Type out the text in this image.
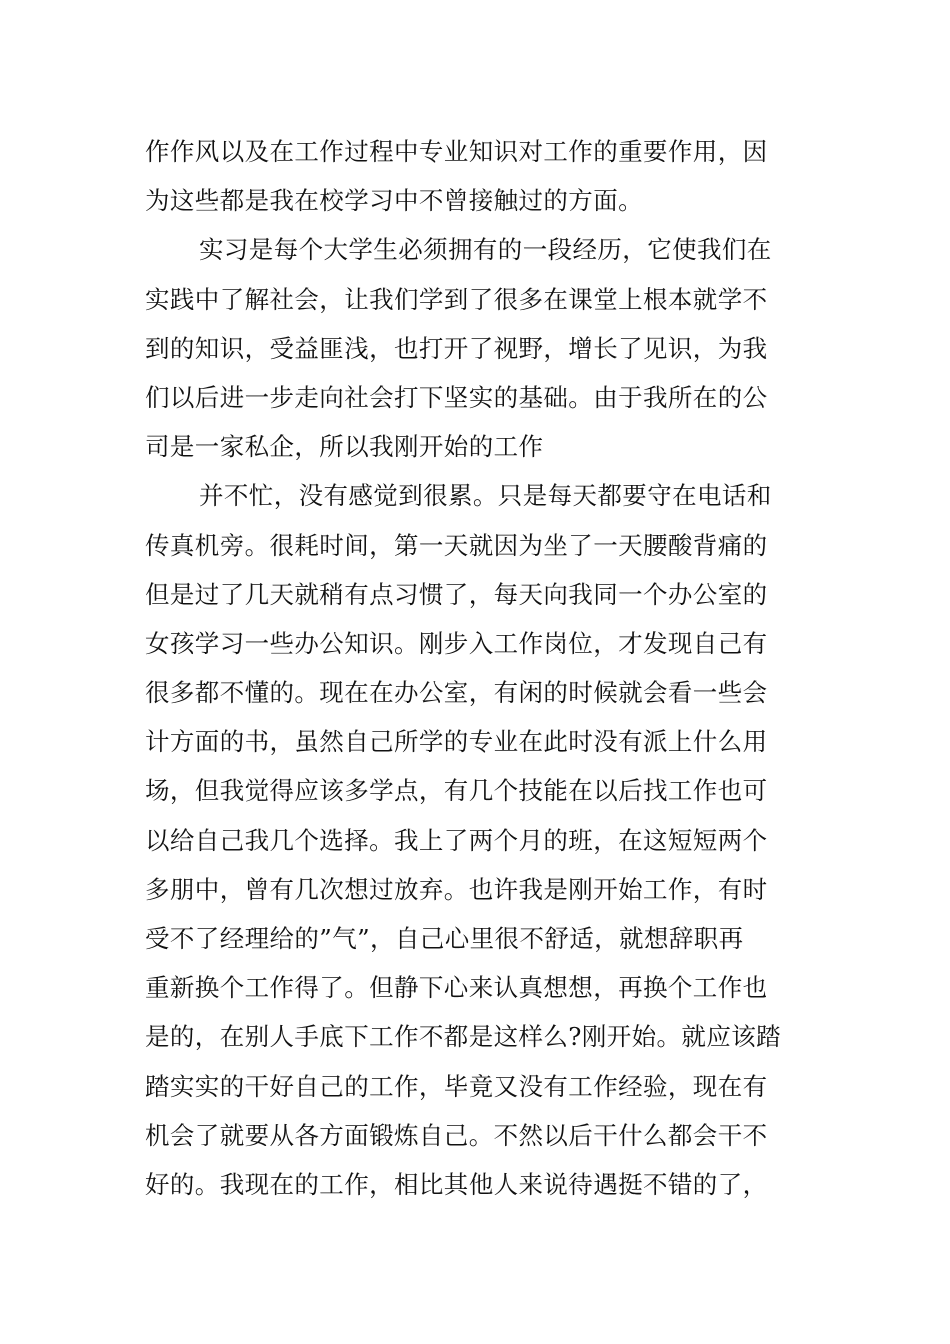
作作风以及在工作过程中专业知识对工作的重要作用，因
为这些都是我在校学习中不曾接触过的方面。
实习是每个大学生必须拥有的一段经历，它使我们在
实践中了解社会，让我们学到了很多在课堂上根本就学不
到的知识，受益匪浅，也打开了视野，增长了见识，为我
们以后进一步走向社会打下坚实的基础。由于我所在的公
司是一家私企，所以我刚开始的工作
并不忙，没有感觉到很累。只是每天都要守在电话和
传真机旁。很耗时间，第一天就因为坐了一天腰酸背痛的
但是过了几天就稍有点习惯了，每天向我同一个办公室的
女孩学习一些办公知识。刚步入工作岗位，才发现自己有
很多都不懂的。现在在办公室，有闲的时候就会看一些会
计方面的书，虽然自己所学的专业在此时没有派上什么用
场，但我觉得应该多学点，有几个技能在以后找工作也可
以给自己我几个选择。我上了两个月的班，在这短短两个
多朋中，曾有几次想过放弃。也许我是刚开始工作，有时
受不了经理给的”气”，自己心里很不舒适，就想辞职再
重新换个工作得了。但静下心来认真想想，再换个工作也
是的，在别人手底下工作不都是这样么?刚开始。就应该踏
踏实实的干好自己的工作，毕竟又没有工作经验，现在有
机会了就要从各方面锻炼自己。不然以后干什么都会干不
好的。我现在的工作，相比其他人来说待遇挺不错的了，
